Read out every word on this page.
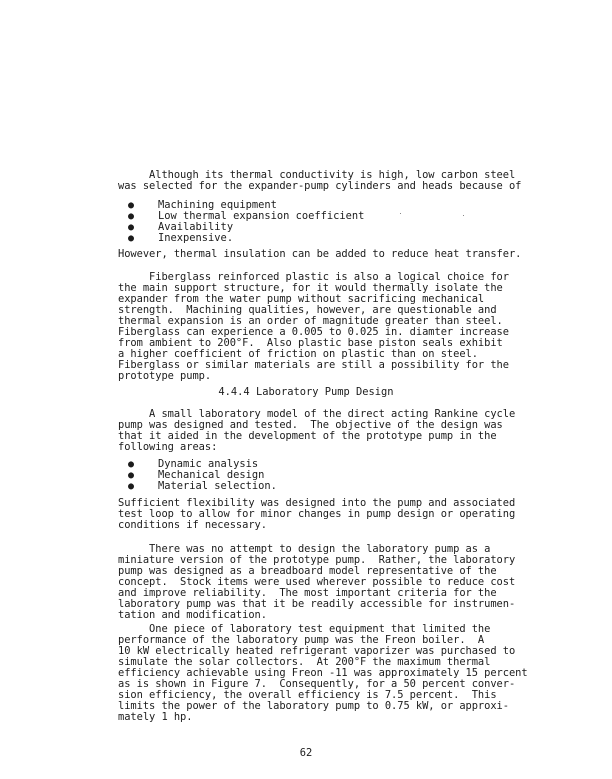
Although its thermal conductivity is high, low carbon steel
was selected for the expander-pump cylinders and heads because of
● Machining equipment
● Low thermal expansion coefficient
● Availability
● Inexpensive.
However, thermal insulation can be added to reduce heat transfer.
Fiberglass reinforced plastic is also a logical choice for
the main support structure, for it would thermally isolate the
expander from the water pump without sacrificing mechanical
strength.  Machining qualities, however, are questionable and
thermal expansion is an order of magnitude greater than steel.
Fiberglass can experience a 0.005 to 0.025 in. diamter increase
from ambient to 200°F.  Also plastic base piston seals exhibit
a higher coefficient of friction on plastic than on steel.
Fiberglass or similar materials are still a possibility for the
prototype pump.
4.4.4 Laboratory Pump Design
A small laboratory model of the direct acting Rankine cycle
pump was designed and tested.  The objective of the design was
that it aided in the development of the prototype pump in the
following areas:
● Dynamic analysis
● Mechanical design
● Material selection.
Sufficient flexibility was designed into the pump and associated
test loop to allow for minor changes in pump design or operating
conditions if necessary.
There was no attempt to design the laboratory pump as a
miniature version of the prototype pump.  Rather, the laboratory
pump was designed as a breadboard model representative of the
concept.  Stock items were used wherever possible to reduce cost
and improve reliability.  The most important criteria for the
laboratory pump was that it be readily accessible for instrumen-
tation and modification.
One piece of laboratory test equipment that limited the
performance of the laboratory pump was the Freon boiler.  A
10 kW electrically heated refrigerant vaporizer was purchased to
simulate the solar collectors.  At 200°F the maximum thermal
efficiency achievable using Freon -11 was approximately 15 percent
as is shown in Figure 7.  Consequently, for a 50 percent conver-
sion efficiency, the overall efficiency is 7.5 percent.  This
limits the power of the laboratory pump to 0.75 kW, or approxi-
mately 1 hp.
62
